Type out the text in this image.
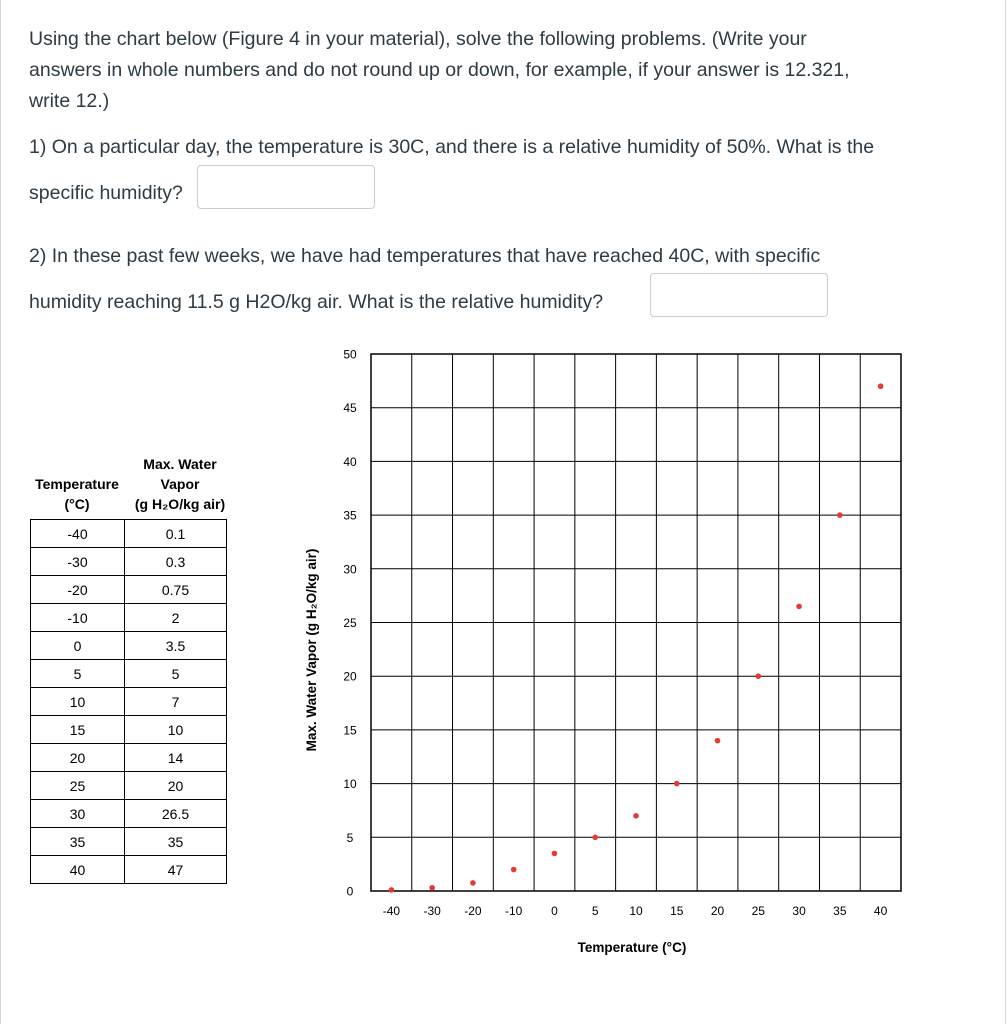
Using the chart below (Figure 4 in your material), solve the following problems. (Write your
answers in whole numbers and do not round up or down, for example, if your answer is 12.321,
write 12.)
1) On a particular day, the temperature is 30C, and there is a relative humidity of 50%. What is the
specific humidity?
2) In these past few weeks, we have had temperatures that have reached 40C, with specific
humidity reaching 11.5 g H2O/kg air. What is the relative humidity?
Max. Water
Vapor
(g H₂O/kg air)
Temperature
(°C)
-40	0.1
-30	0.3
-20	0.75
-10	2
0	3.5
5	5
10	7
15	10
20	14
25	20
30	26.5
35	35
40	47
0
5
10
15
20
25
30
35
40
45
50
-40 -30 -20 -10 0	5	10 15 20 25 30 35 40
Max. Water Vapor (g H₂O/kg air)
Temperature (°C)
